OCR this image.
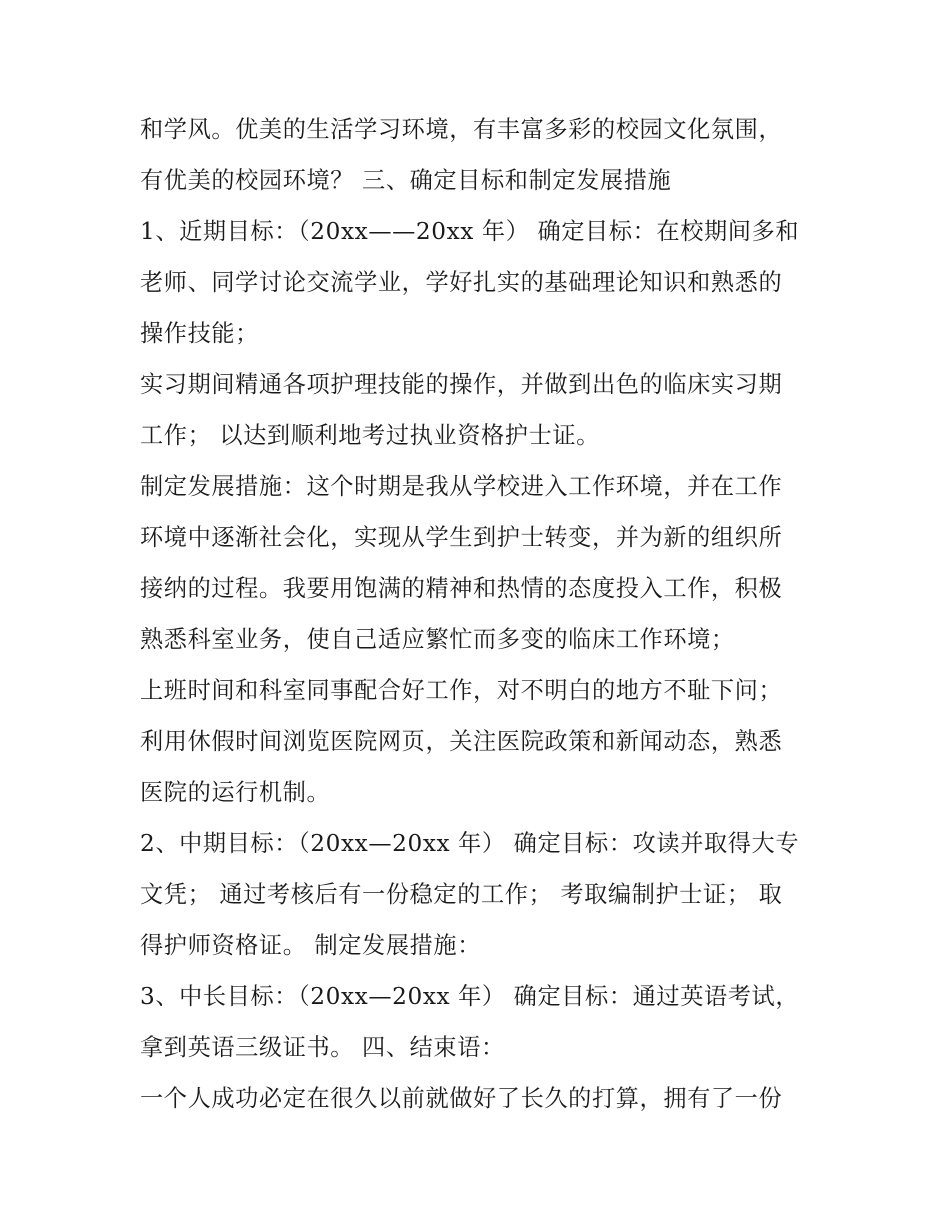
和学风。优美的生活学习环境，有丰富多彩的校园文化氛围，
有优美的校园环境？ 三、确定目标和制定发展措施
1、近期目标：（20xx——20xx 年） 确定目标：在校期间多和
老师、同学讨论交流学业，学好扎实的基础理论知识和熟悉的
操作技能；
实习期间精通各项护理技能的操作，并做到出色的临床实习期
工作； 以达到顺利地考过执业资格护士证。
制定发展措施：这个时期是我从学校进入工作环境，并在工作
环境中逐渐社会化，实现从学生到护士转变，并为新的组织所
接纳的过程。我要用饱满的精神和热情的态度投入工作，积极
熟悉科室业务，使自己适应繁忙而多变的临床工作环境；
上班时间和科室同事配合好工作，对不明白的地方不耻下问；
利用休假时间浏览医院网页，关注医院政策和新闻动态，熟悉
医院的运行机制。
2、中期目标：（20xx—20xx 年） 确定目标：攻读并取得大专
文凭； 通过考核后有一份稳定的工作； 考取编制护士证； 取
得护师资格证。 制定发展措施：
3、中长目标：（20xx—20xx 年） 确定目标：通过英语考试，
拿到英语三级证书。 四、结束语：
一个人成功必定在很久以前就做好了长久的打算，拥有了一份
